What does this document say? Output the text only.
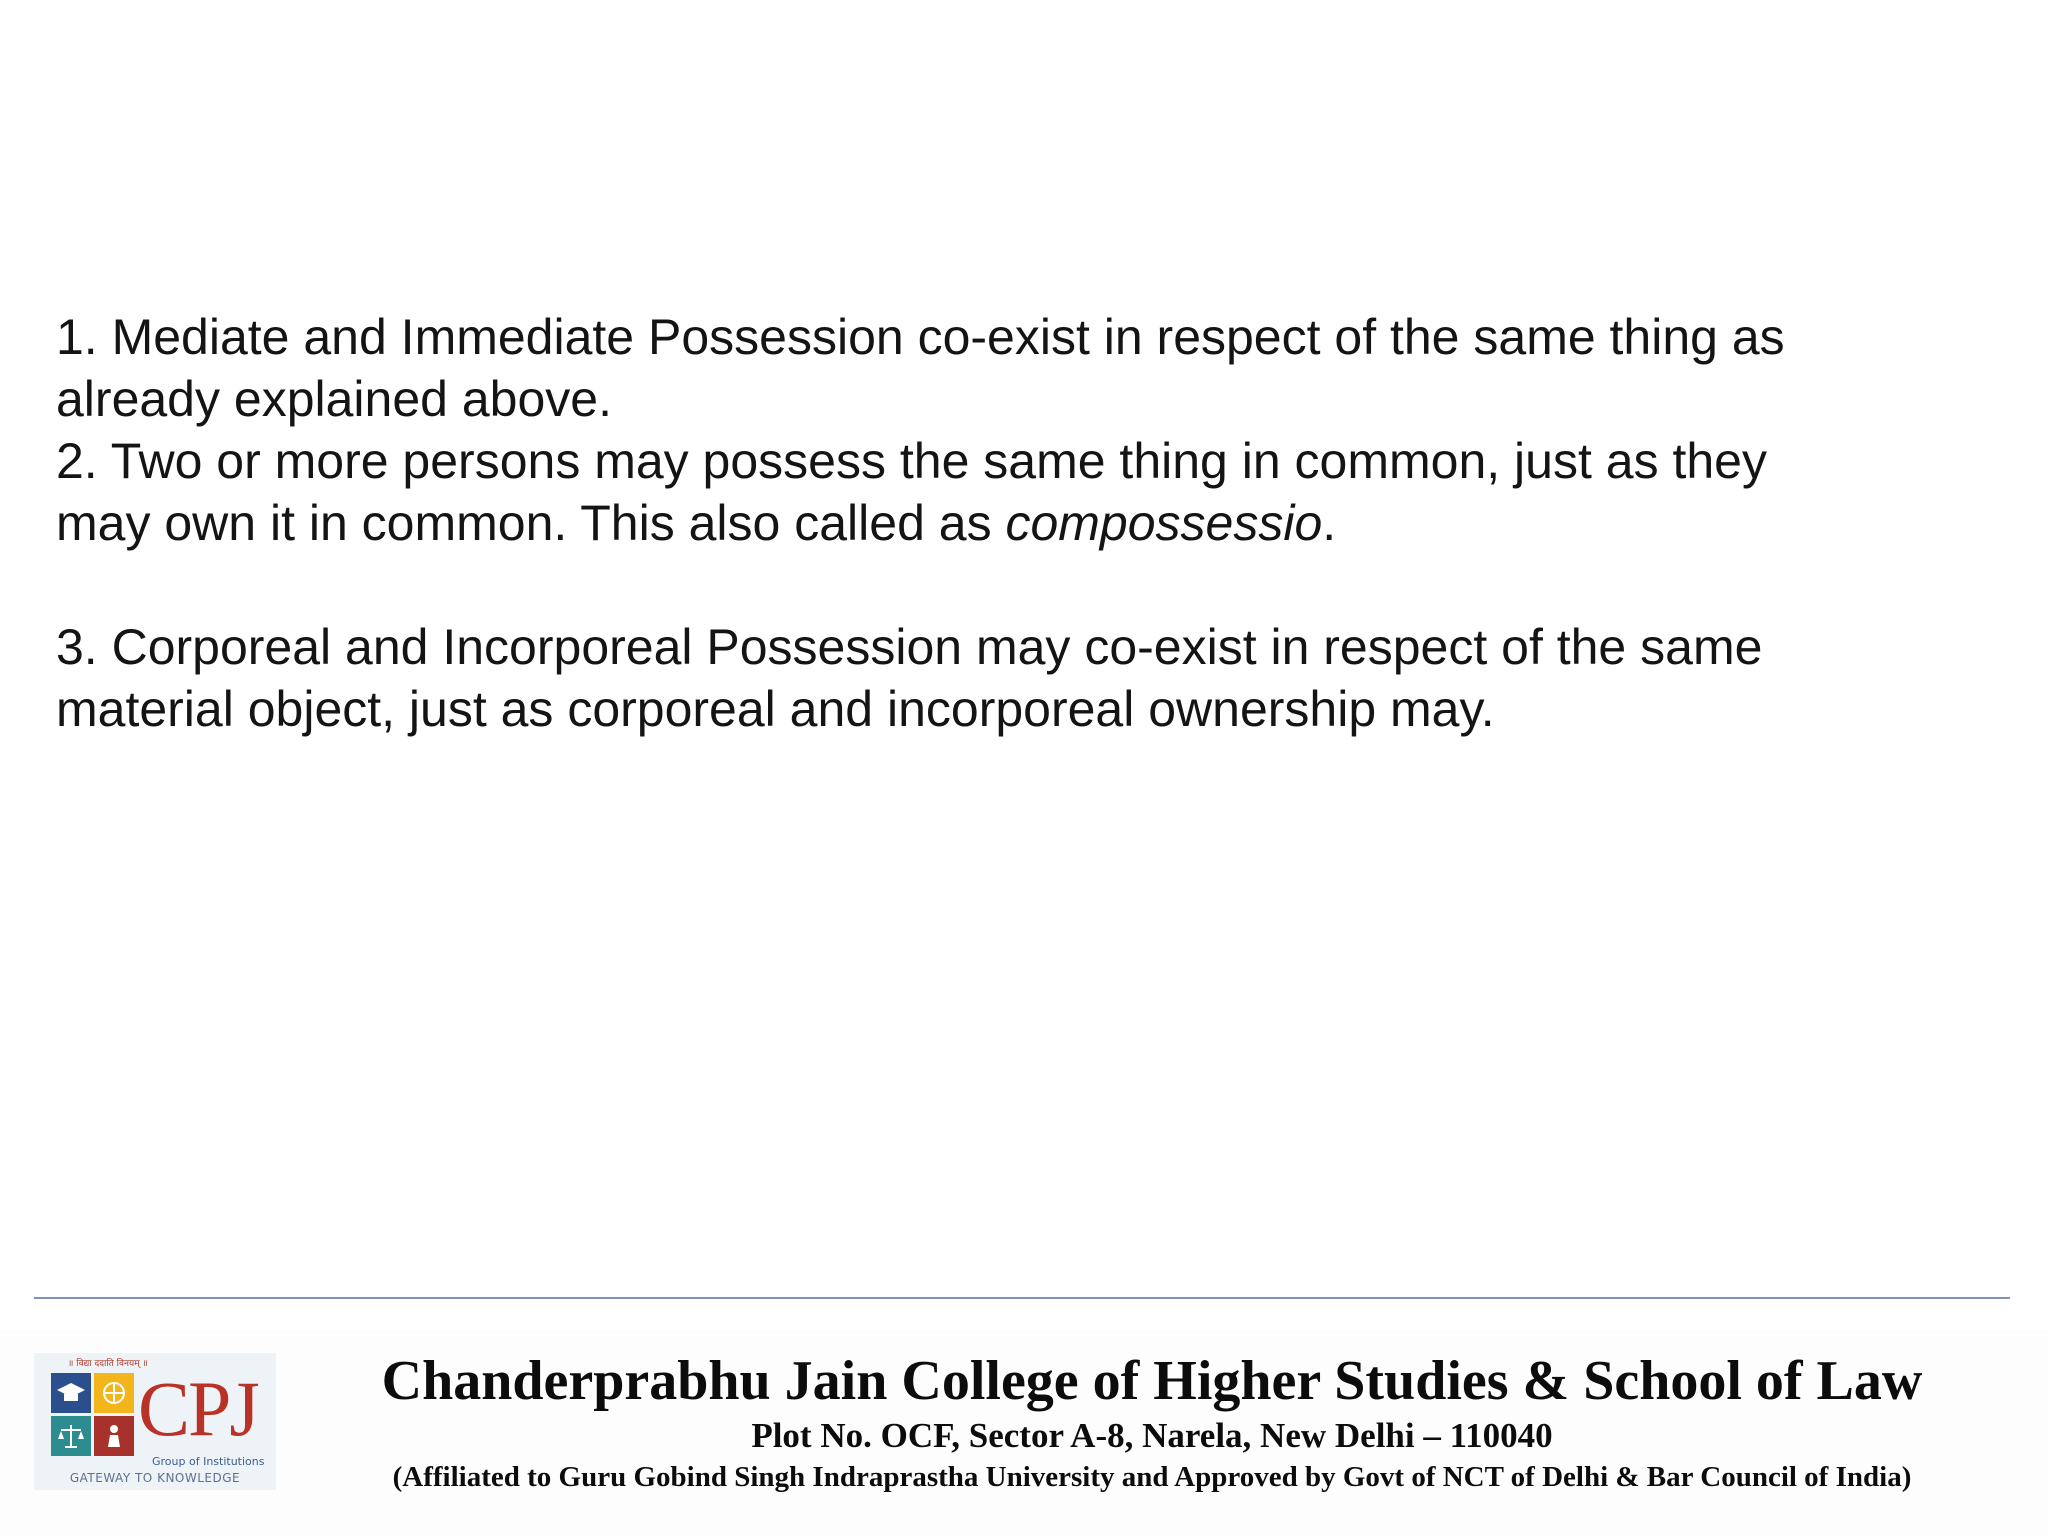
1. Mediate and Immediate Possession co-exist in respect of the same thing as

already explained above.

2. Two or more persons may possess the same thing in common, just as they

may own it in common. This also called as compossessio.

3. Corporeal and Incorporeal Possession may co-exist in respect of the same

material object, just as corporeal and incorporeal ownership may.

॥ विद्या ददाति विनयम् ॥
CPJ
Group of Institutions
GATEWAY TO KNOWLEDGE
Chanderprabhu Jain College of Higher Studies & School of Law
Plot No. OCF, Sector A-8, Narela, New Delhi – 110040
(Affiliated to Guru Gobind Singh Indraprastha University and Approved by Govt of NCT of Delhi & Bar Council of India)
